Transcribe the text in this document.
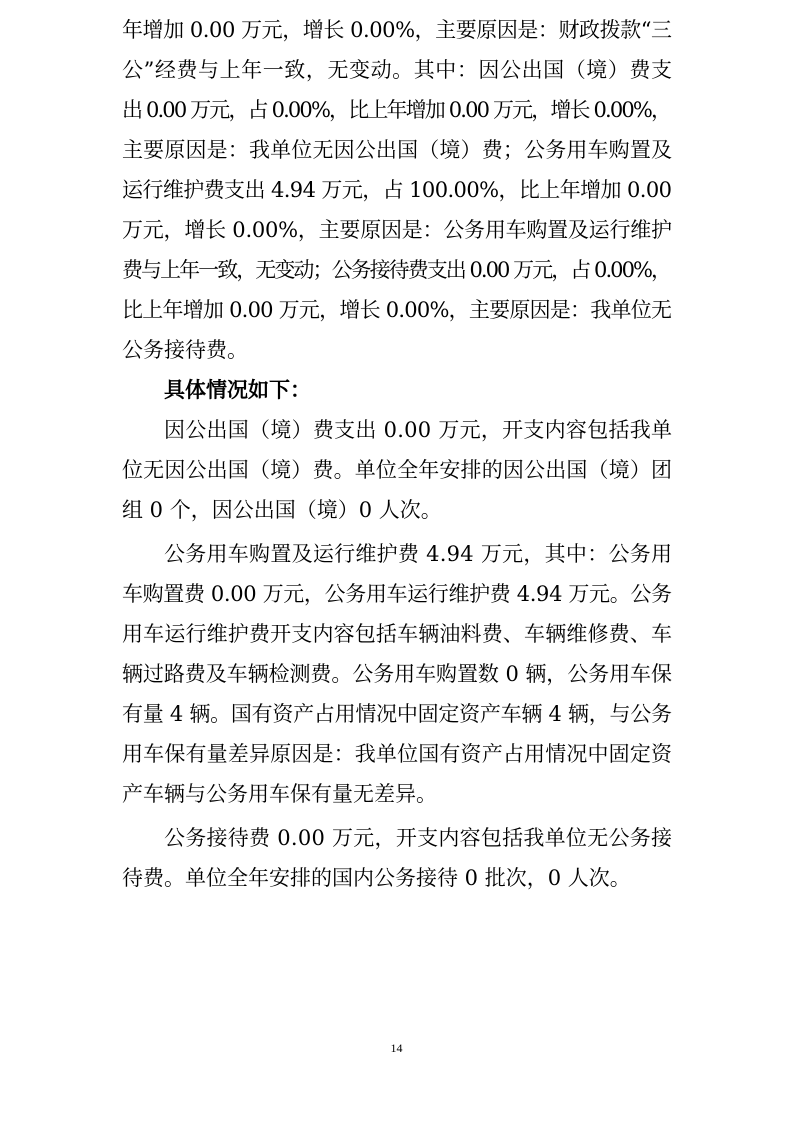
年增加 0.00 万元，增长 0.00%，主要原因是：财政拨款“三
公”经费与上年一致，无变动。其中：因公出国（境）费支
出 0.00 万元，占 0.00%，比上年增加 0.00 万元，增长 0.00%，
主要原因是：我单位无因公出国（境）费；公务用车购置及
运行维护费支出 4.94 万元，占 100.00%，比上年增加 0.00
万元，增长 0.00%，主要原因是：公务用车购置及运行维护
费与上年一致，无变动；公务接待费支出 0.00 万元，占 0.00%，
比上年增加 0.00 万元，增长 0.00%，主要原因是：我单位无
公务接待费。
具体情况如下：
因公出国（境）费支出 0.00 万元，开支内容包括我单
位无因公出国（境）费。单位全年安排的因公出国（境）团
组 0 个，因公出国（境）0 人次。
公务用车购置及运行维护费 4.94 万元，其中：公务用
车购置费 0.00 万元，公务用车运行维护费 4.94 万元。公务
用车运行维护费开支内容包括车辆油料费、车辆维修费、车
辆过路费及车辆检测费。公务用车购置数 0 辆，公务用车保
有量 4 辆。国有资产占用情况中固定资产车辆 4 辆，与公务
用车保有量差异原因是：我单位国有资产占用情况中固定资
产车辆与公务用车保有量无差异。
公务接待费 0.00 万元，开支内容包括我单位无公务接
待费。单位全年安排的国内公务接待 0 批次，0 人次。
14
